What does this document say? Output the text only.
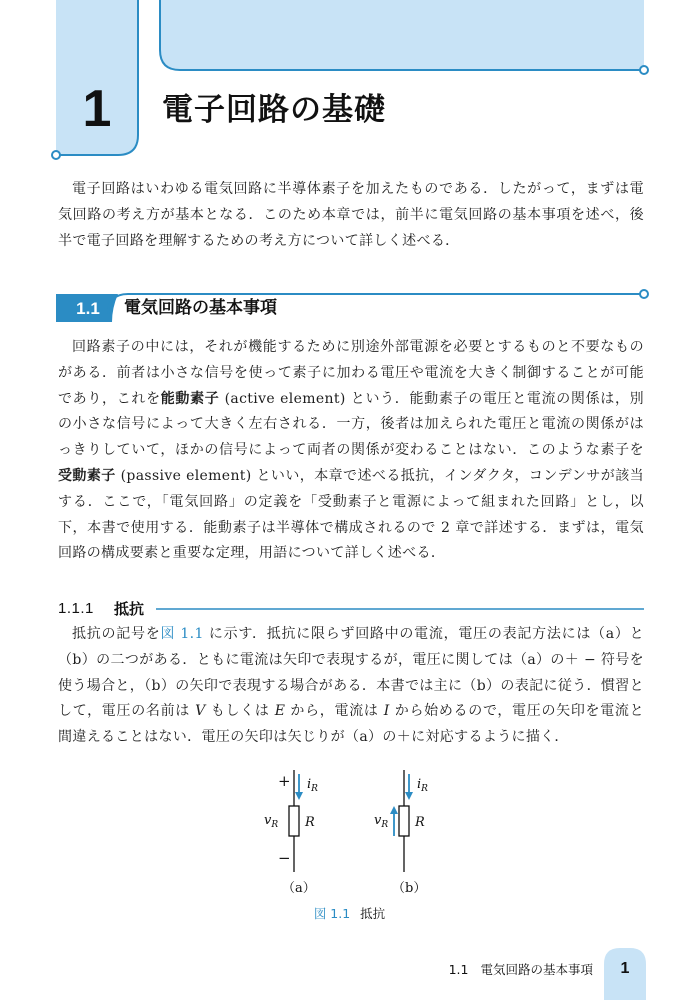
1	電子回路の基礎

電子回路はいわゆる電気回路に半導体素子を加えたものである．したがって，まずは電気回路の考え方が基本となる．このため本章では，前半に電気回路の基本事項を述べ，後半で電子回路を理解するための考え方について詳しく述べる．

1.1	電気回路の基本事項

回路素子の中には，それが機能するために別途外部電源を必要とするものと不要なものがある．前者は小さな信号を使って素子に加わる電圧や電流を大きく制御することが可能であり，これを能動素子 (active element) という．能動素子の電圧と電流の関係は，別の小さな信号によって大きく左右される．一方，後者は加えられた電圧と電流の関係がはっきりしていて，ほかの信号によって両者の関係が変わることはない．このような素子を受動素子 (passive element) といい，本章で述べる抵抗，インダクタ，コンデンサが該当する．ここで，「電気回路」の定義を「受動素子と電源によって組まれた回路」とし，以下，本書で使用する．能動素子は半導体で構成されるので 2 章で詳述する．まずは，電気回路の構成要素と重要な定理，用語について詳しく述べる．

1.1.1 抵抗

抵抗の記号を図 1.1 に示す．抵抗に限らず回路中の電流，電圧の表記方法には（a）と（b）の二つがある．ともに電流は矢印で表現するが，電圧に関しては（a）の＋ − 符号を使う場合と，（b）の矢印で表現する場合がある．本書では主に（b）の表記に従う．慣習として，電圧の名前は V もしくは E から，電流は I から始めるので，電圧の矢印を電流と間違えることはない．電圧の矢印は矢じりが（a）の＋に対応するように描く．

+
−
$i_R$
$v_R$ R
（a）
$i_R$
$v_R$ R
（b）
図 1.1 抵抗
1.1 電気回路の基本事項	1
